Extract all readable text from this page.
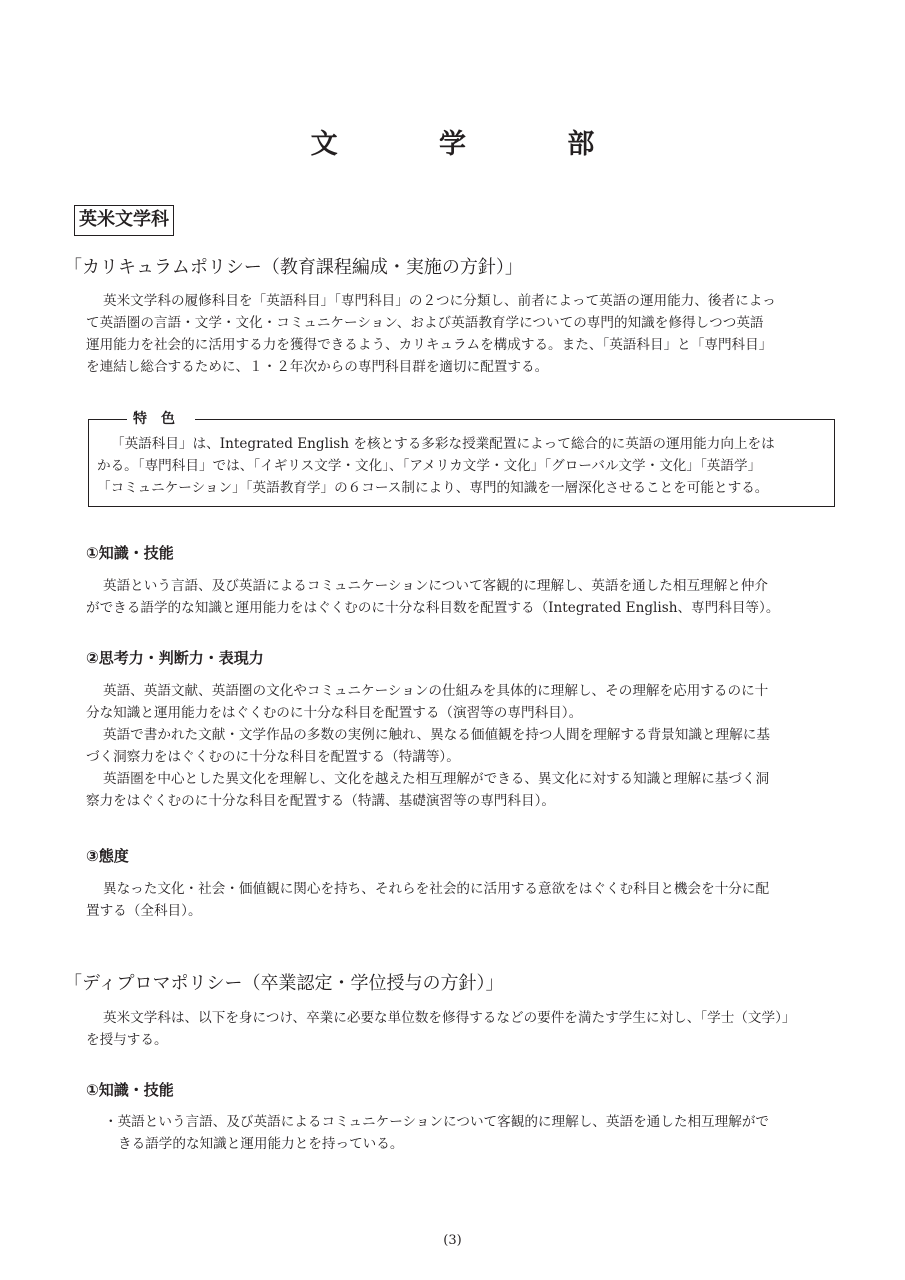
文	学	部
英米文学科
「カリキュラムポリシー（教育課程編成・実施の方針）」
英米文学科の履修科目を「英語科目」「専門科目」の２つに分類し、前者によって英語の運用能力、後者によっ
て英語圏の言語・文学・文化・コミュニケーション、および英語教育学についての専門的知識を修得しつつ英語
運用能力を社会的に活用する力を獲得できるよう、カリキュラムを構成する。また、「英語科目」と「専門科目」
を連結し総合するために、１・２年次からの専門科目群を適切に配置する。
特色
「英語科目」は、Integrated English を核とする多彩な授業配置によって総合的に英語の運用能力向上をは
かる。「専門科目」では、「イギリス文学・文化」、「アメリカ文学・文化」「グローバル文学・文化」「英語学」
「コミュニケーション」「英語教育学」の６コース制により、専門的知識を一層深化させることを可能とする。
①知識・技能
英語という言語、及び英語によるコミュニケーションについて客観的に理解し、英語を通した相互理解と仲介
ができる語学的な知識と運用能力をはぐくむのに十分な科目数を配置する（Integrated English、専門科目等）。
②思考力・判断力・表現力
英語、英語文献、英語圏の文化やコミュニケーションの仕組みを具体的に理解し、その理解を応用するのに十
分な知識と運用能力をはぐくむのに十分な科目を配置する（演習等の専門科目）。
英語で書かれた文献・文学作品の多数の実例に触れ、異なる価値観を持つ人間を理解する背景知識と理解に基
づく洞察力をはぐくむのに十分な科目を配置する（特講等）。
英語圏を中心とした異文化を理解し、文化を越えた相互理解ができる、異文化に対する知識と理解に基づく洞
察力をはぐくむのに十分な科目を配置する（特講、基礎演習等の専門科目）。
③態度
異なった文化・社会・価値観に関心を持ち、それらを社会的に活用する意欲をはぐくむ科目と機会を十分に配
置する（全科目）。
「ディプロマポリシー（卒業認定・学位授与の方針）」
英米文学科は、以下を身につけ、卒業に必要な単位数を修得するなどの要件を満たす学生に対し、「学士（文学）」
を授与する。
①知識・技能
・英語という言語、及び英語によるコミュニケーションについて客観的に理解し、英語を通した相互理解がで
きる語学的な知識と運用能力とを持っている。
(3)
